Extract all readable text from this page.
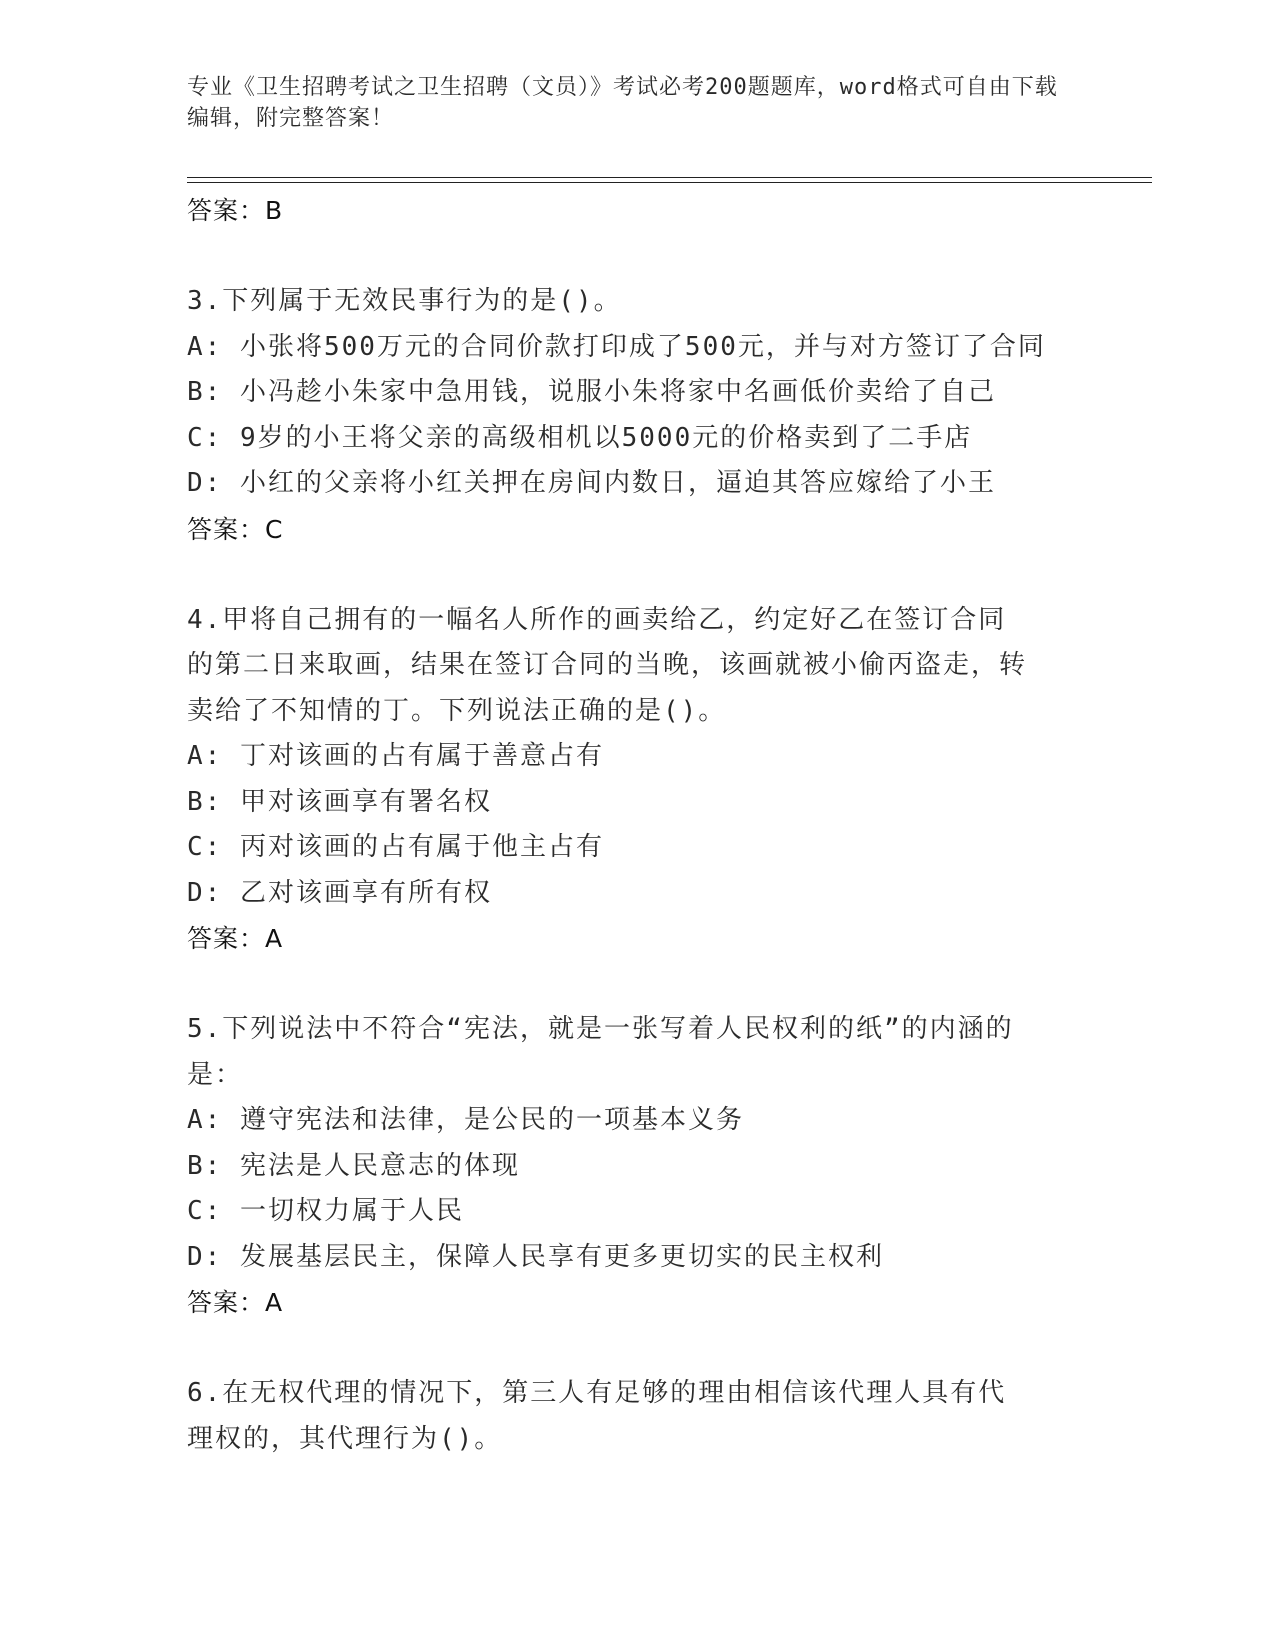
专业《卫生招聘考试之卫生招聘（文员）》考试必考200题题库，word格式可自由下载编辑，附完整答案！
答案：B
3.下列属于无效民事行为的是()。
A: 小张将500万元的合同价款打印成了500元，并与对方签订了合同
B: 小冯趁小朱家中急用钱，说服小朱将家中名画低价卖给了自己
C: 9岁的小王将父亲的高级相机以5000元的价格卖到了二手店
D: 小红的父亲将小红关押在房间内数日，逼迫其答应嫁给了小王
答案：C
4.甲将自己拥有的一幅名人所作的画卖给乙，约定好乙在签订合同的第二日来取画，结果在签订合同的当晚，该画就被小偷丙盗走，转卖给了不知情的丁。下列说法正确的是()。
A: 丁对该画的占有属于善意占有
B: 甲对该画享有署名权
C: 丙对该画的占有属于他主占有
D: 乙对该画享有所有权
答案：A
5.下列说法中不符合“宪法，就是一张写着人民权利的纸”的内涵的是：
A: 遵守宪法和法律，是公民的一项基本义务
B: 宪法是人民意志的体现
C: 一切权力属于人民
D: 发展基层民主，保障人民享有更多更切实的民主权利
答案：A
6.在无权代理的情况下，第三人有足够的理由相信该代理人具有代理权的，其代理行为()。
